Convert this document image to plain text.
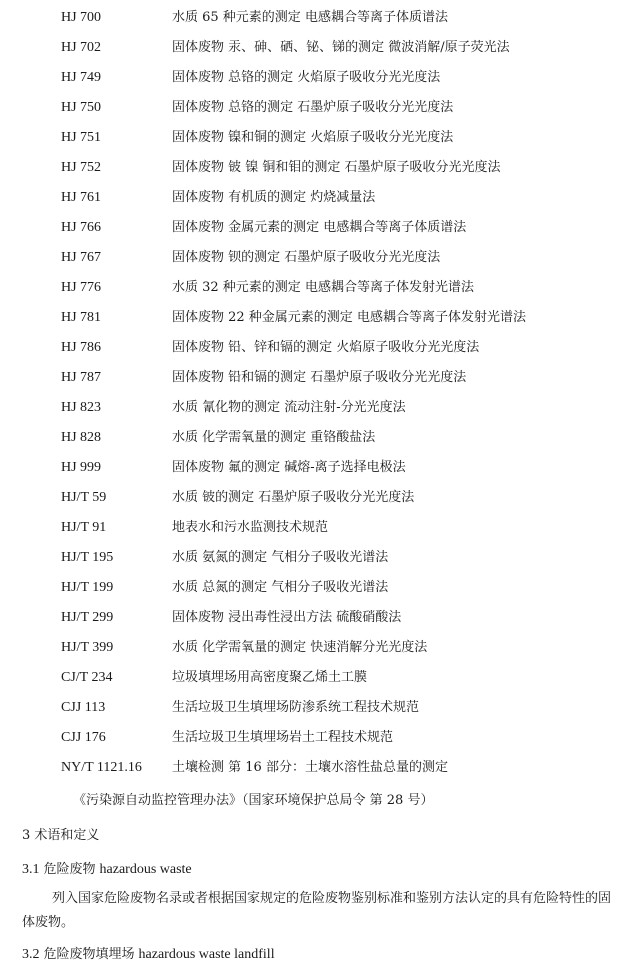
HJ 700	水质 65 种元素的测定 电感耦合等离子体质谱法
HJ 702	固体废物 汞、砷、硒、铋、锑的测定 微波消解/原子荧光法
HJ 749	固体废物 总铬的测定 火焰原子吸收分光光度法
HJ 750	固体废物 总铬的测定 石墨炉原子吸收分光光度法
HJ 751	固体废物 镍和铜的测定 火焰原子吸收分光光度法
HJ 752	固体废物 铍 镍 铜和钼的测定 石墨炉原子吸收分光光度法
HJ 761	固体废物 有机质的测定 灼烧减量法
HJ 766	固体废物 金属元素的测定 电感耦合等离子体质谱法
HJ 767	固体废物 钡的测定 石墨炉原子吸收分光光度法
HJ 776	水质 32 种元素的测定 电感耦合等离子体发射光谱法
HJ 781	固体废物 22 种金属元素的测定 电感耦合等离子体发射光谱法
HJ 786	固体废物 铅、锌和镉的测定 火焰原子吸收分光光度法
HJ 787	固体废物 铅和镉的测定 石墨炉原子吸收分光光度法
HJ 823	水质 氰化物的测定 流动注射-分光光度法
HJ 828	水质 化学需氧量的测定 重铬酸盐法
HJ 999	固体废物 氟的测定 碱熔-离子选择电极法
HJ/T 59	水质 铍的测定 石墨炉原子吸收分光光度法
HJ/T 91	地表水和污水监测技术规范
HJ/T 195	水质 氨氮的测定 气相分子吸收光谱法
HJ/T 199	水质 总氮的测定 气相分子吸收光谱法
HJ/T 299	固体废物 浸出毒性浸出方法 硫酸硝酸法
HJ/T 399	水质 化学需氧量的测定 快速消解分光光度法
CJ/T 234	垃圾填埋场用高密度聚乙烯土工膜
CJJ 113	生活垃圾卫生填埋场防渗系统工程技术规范
CJJ 176	生活垃圾卫生填埋场岩土工程技术规范
NY/T 1121.16 土壤检测 第 16 部分：土壤水溶性盐总量的测定
《污染源自动监控管理办法》（国家环境保护总局令 第 28 号）
3 术语和定义
3.1 危险废物 hazardous waste
列入国家危险废物名录或者根据国家规定的危险废物鉴别标准和鉴别方法认定的具有危险特性的固体废物。
3.2 危险废物填埋场 hazardous waste landfill
